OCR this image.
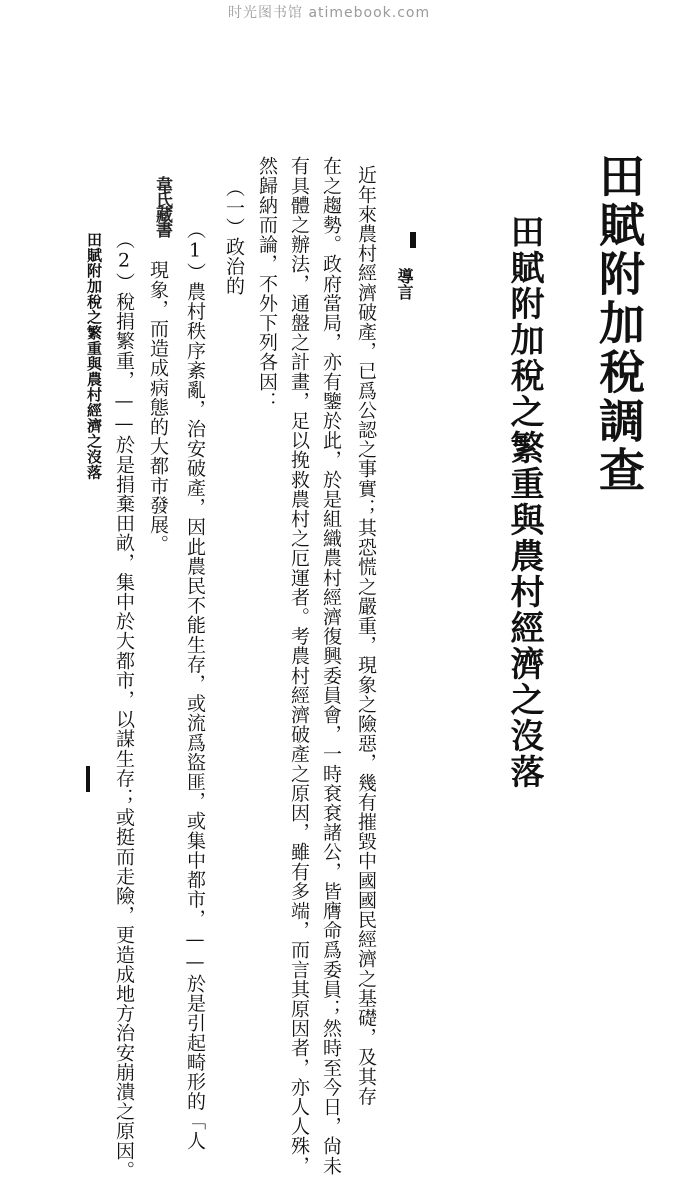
时光图书馆 atimebook.com
田賦附加稅調查
田賦附加稅之繁重與農村經濟之沒落
導言
近年來農村經濟破產，已爲公認之事實；其恐慌之嚴重，現象之險惡，幾有摧毀中國國民經濟之基礎，及其存
在之趨勢。政府當局，亦有鑒於此，於是組織農村經濟復興委員會，一時袞袞諸公，皆膺命爲委員；然時至今日，尙未
有具體之辦法，通盤之計畫，足以挽救農村之厄運者。考農村經濟破產之原因，雖有多端，而言其原因者，亦人人殊，
然歸納而論，不外下列各因：
（一）政治的
（1）農村秩序紊亂，治安破產，因此農民不能生存，或流爲盜匪，或集中都市，——於是引起畸形的「人
現象，而造成病態的大都市發展。
（2）稅捐繁重，——於是捐棄田畝，集中於大都市，以謀生存；或挺而走險，更造成地方治安崩潰之原因。
韋氏藏書
田賦附加稅之繁重與農村經濟之沒落
